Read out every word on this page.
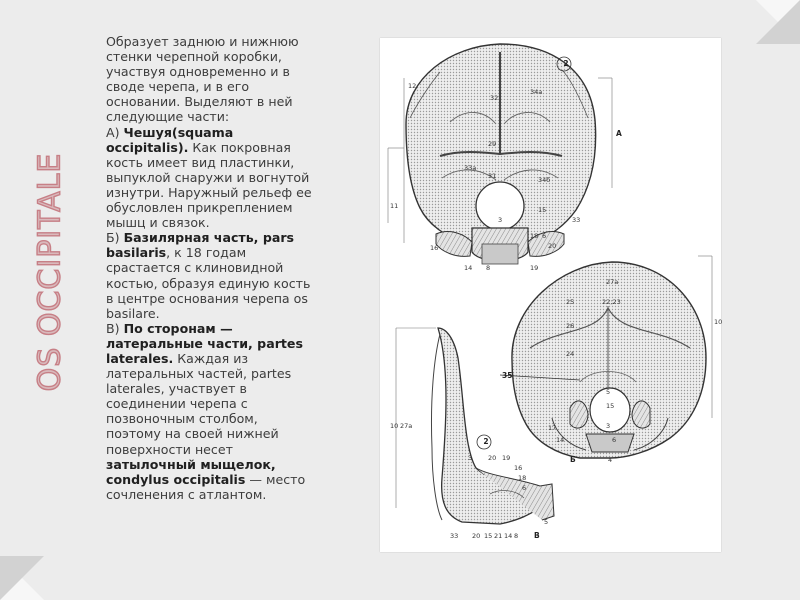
OS OCCIPITALE

Образует заднюю и нижнюю стенки черепной коробки, участвуя одновременно и в своде черепа, и в его основании. Выделяют в ней следующие части:

А) Чешуя(squama occipitalis). Как покровная кость имеет вид пластинки, выпуклой снаружи и вогнутой изнутри. Наружный рельеф ее обусловлен прикреплением мышц и связок.

Б) Базилярная часть, pars basilaris, к 18 годам срастается с клиновидной костью, образуя единую кость в центре основания черепа os basilare.

В) По сторонам — латеральные части, partes laterales. Каждая из латеральных частей, partes laterales, участвует в соединении черепа с позвоночным столбом, поэтому на своей нижней поверхности несет затылочный мыщелок, condylus occipitalis — место сочленения с атлантом.

2
А
12
34a
32
29
33a
31	34б
11
3
15
33
16
18 6
20
14 8	19
Б
27a
25	22;23
26
24
10
35
5
15
17	3
14	6
4
2
В
10 27a
3 20 19
16
18
6
5
33 20 15 21 14 8
